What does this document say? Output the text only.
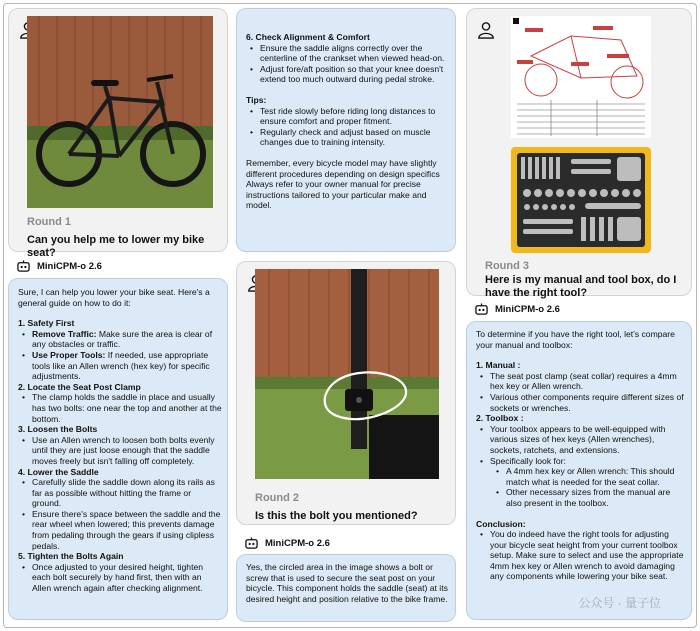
Round 1
Can you help me to lower my bike seat?
MiniCPM-o 2.6

Sure, I can help you lower your bike seat. Here's a general guide on how to do it:

1. Safety First

• Remove Traffic: Make sure the area is clear of any obstacles or traffic.
• Use Proper Tools: If needed, use appropriate tools like an Allen wrench (hex key) for specific adjustments.

2. Locate the Seat Post Clamp

• The clamp holds the saddle in place and usually has two bolts: one near the top and another at the bottom.

3. Loosen the Bolts

• Use an Allen wrench to loosen both bolts evenly until they are just loose enough that the saddle moves freely but isn't falling off completely.

4. Lower the Saddle

• Carefully slide the saddle down along its rails as far as possible without hitting the frame or ground.
• Ensure there's space between the saddle and the rear wheel when lowered; this prevents damage from pedaling through the gears if using clipless pedals.

5. Tighten the Bolts Again

• Once adjusted to your desired height, tighten each bolt securely by hand first, then with an Allen wrench again after checking alignment.

6. Check Alignment & Comfort

• Ensure the saddle aligns correctly over the centerline of the crankset when viewed head-on.
• Adjust fore/aft position so that your knee doesn't extend too much outward during pedal stroke.

Tips:

• Test ride slowly before riding long distances to ensure comfort and proper fitment.
• Regularly check and adjust based on muscle changes due to training intensity.

Remember, every bicycle model may have slightly different procedures depending on design specifics Always refer to your owner manual for precise instructions tailored to your particular make and model.

Round 2
Is this the bolt you mentioned?
MiniCPM-o 2.6

Yes, the circled area in the image shows a bolt or screw that is used to secure the seat post on your bicycle. This component holds the saddle (seat) at its desired height and position relative to the bike frame.

Round 3
Here is my manual and tool box, do I have the right tool?
MiniCPM-o 2.6

To determine if you have the right tool, let's compare your manual and toolbox:

1. Manual :

• The seat post clamp (seat collar) requires a 4mm hex key or Allen wrench.
• Various other components require different sizes of sockets or wrenches.

2. Toolbox :

• Your toolbox appears to be well-equipped with various sizes of hex keys (Allen wrenches), sockets, ratchets, and extensions.
• Specifically look for:
• A 4mm hex key or Allen wrench: This should match what is needed for the seat collar.
• Other necessary sizes from the manual are also present in the toolbox.

Conclusion:

• You do indeed have the right tools for adjusting your bicycle seat height from your current toolbox setup. Make sure to select and use the appropriate 4mm hex key or Allen wrench to avoid damaging any components while lowering your bike seat.
公众号 · 量子位
